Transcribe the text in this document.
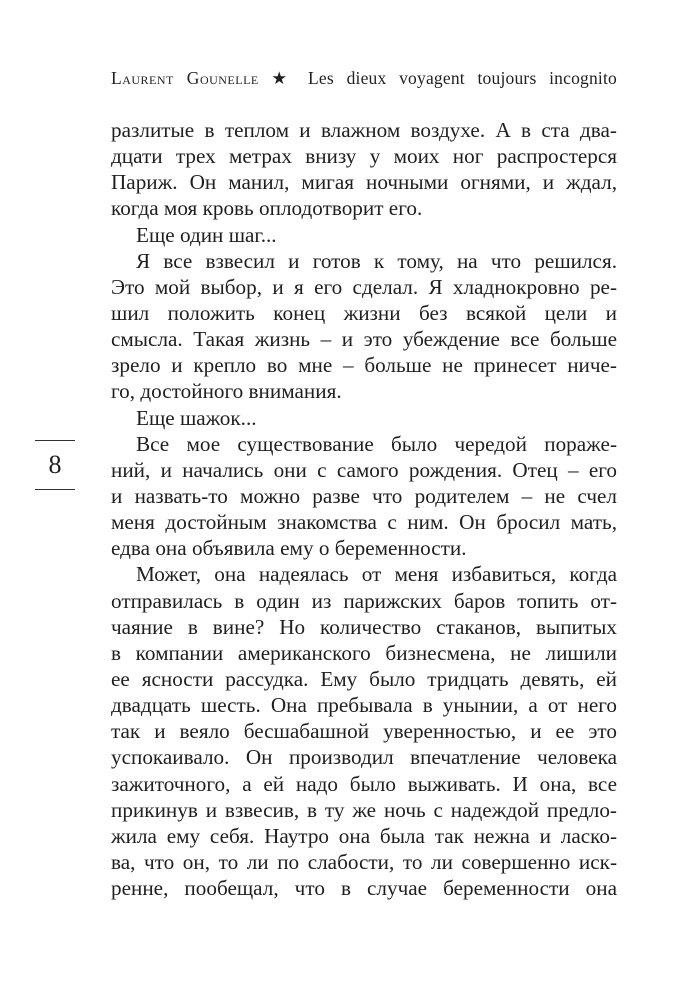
Laurent Gounelle ★ Les dieux voyagent toujours incognito
8
разлитые в теплом и влажном воздухе. А в ста два-
дцати трех метрах внизу у моих ног распростерся
Париж. Он манил, мигая ночными огнями, и ждал,
когда моя кровь оплодотворит его.
Еще один шаг...
Я все взвесил и готов к тому, на что решился.
Это мой выбор, и я его сделал. Я хладнокровно ре-
шил положить конец жизни без всякой цели и
смысла. Такая жизнь – и это убеждение все больше
зрело и крепло во мне – больше не принесет ниче-
го, достойного внимания.
Еще шажок...
Все мое существование было чередой пораже-
ний, и начались они с самого рождения. Отец – его
и назвать-то можно разве что родителем – не счел
меня достойным знакомства с ним. Он бросил мать,
едва она объявила ему о беременности.
Может, она надеялась от меня избавиться, когда
отправилась в один из парижских баров топить от-
чаяние в вине? Но количество стаканов, выпитых
в компании американского бизнесмена, не лишили
ее ясности рассудка. Ему было тридцать девять, ей
двадцать шесть. Она пребывала в унынии, а от него
так и веяло бесшабашной уверенностью, и ее это
успокаивало. Он производил впечатление человека
зажиточного, а ей надо было выживать. И она, все
прикинув и взвесив, в ту же ночь с надеждой предло-
жила ему себя. Наутро она была так нежна и ласко-
ва, что он, то ли по слабости, то ли совершенно иск-
ренне, пообещал, что в случае беременности она
